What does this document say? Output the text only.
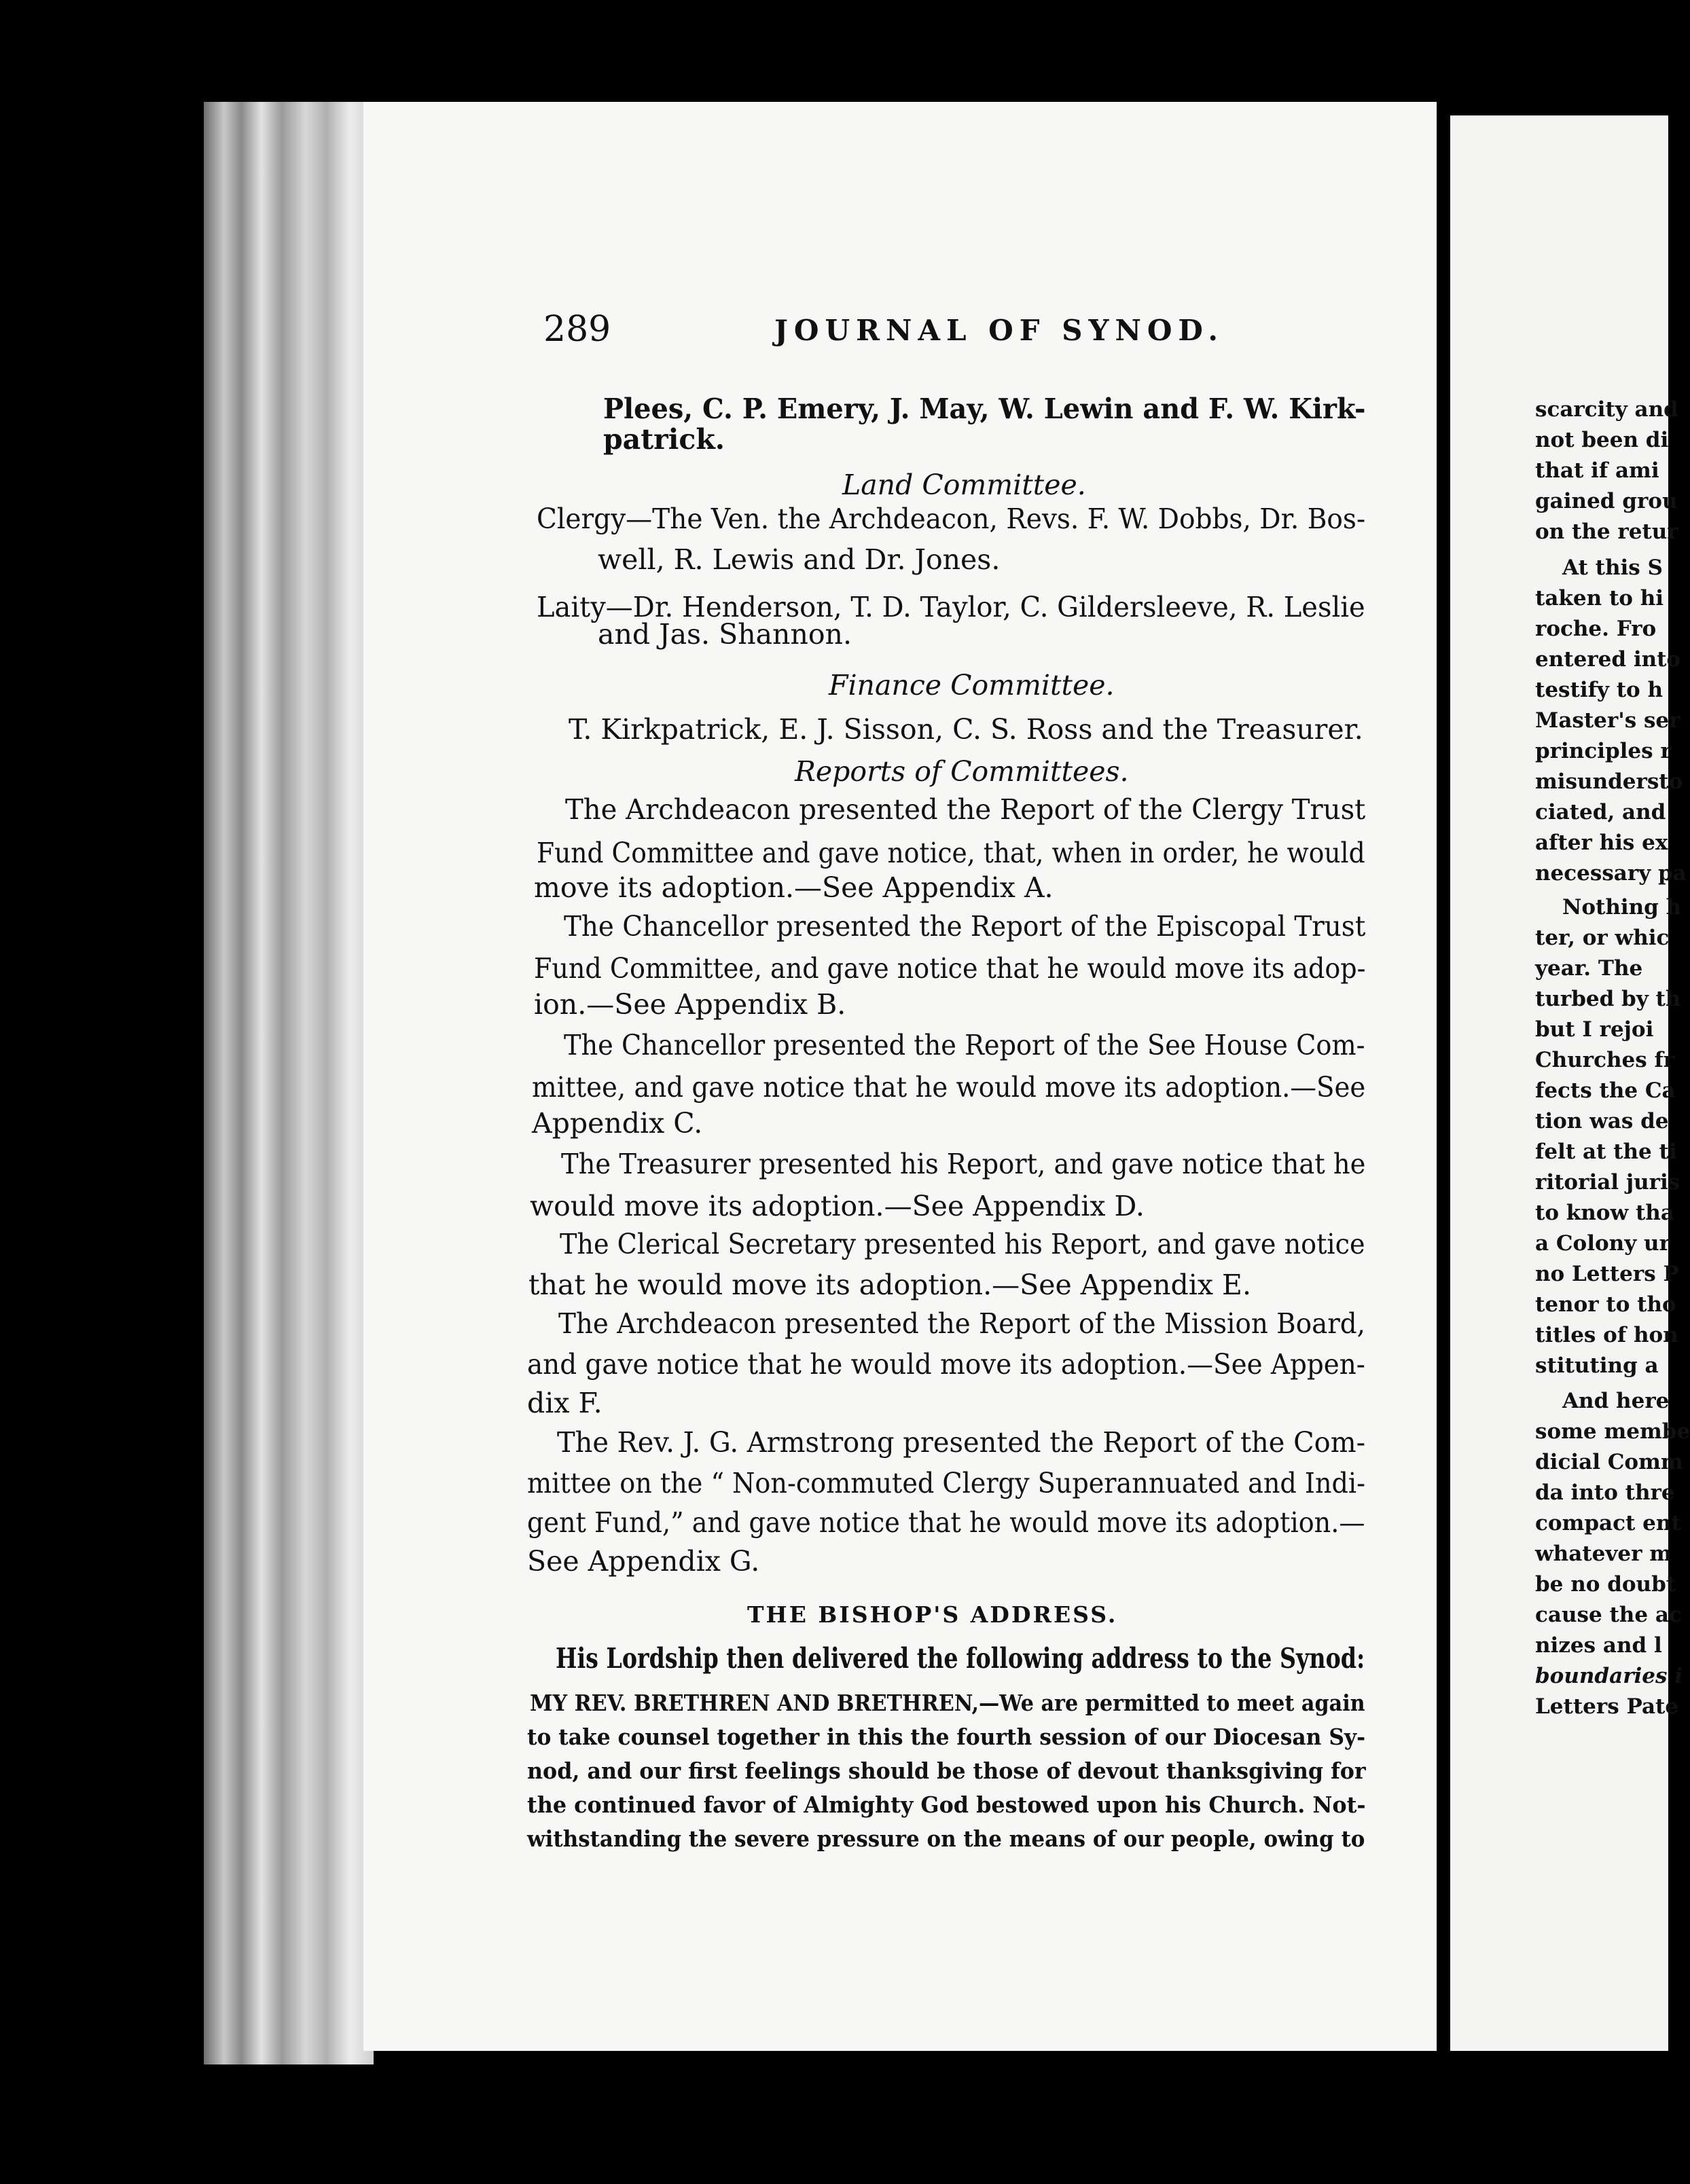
289	JOURNAL OF SYNOD.
Plees, C. P. Emery, J. May, W. Lewin and F. W. Kirk-
patrick.
Land Committee.
Clergy—The Ven. the Archdeacon, Revs. F. W. Dobbs, Dr. Bos-
well, R. Lewis and Dr. Jones.
Laity—Dr. Henderson, T. D. Taylor, C. Gildersleeve, R. Leslie
and Jas. Shannon.
Finance Committee.
T. Kirkpatrick, E. J. Sisson, C. S. Ross and the Treasurer.
Reports of Committees.
The Archdeacon presented the Report of the Clergy Trust
Fund Committee and gave notice, that, when in order, he would
move its adoption.—See Appendix A.
The Chancellor presented the Report of the Episcopal Trust
Fund Committee, and gave notice that he would move its adop-
ion.—See Appendix B.
The Chancellor presented the Report of the See House Com-
mittee, and gave notice that he would move its adoption.—See
Appendix C.
The Treasurer presented his Report, and gave notice that he
would move its adoption.—See Appendix D.
The Clerical Secretary presented his Report, and gave notice
that he would move its adoption.—See Appendix E.
The Archdeacon presented the Report of the Mission Board,
and gave notice that he would move its adoption.—See Appen-
dix F.
The Rev. J. G. Armstrong presented the Report of the Com-
mittee on the “ Non-commuted Clergy Superannuated and Indi-
gent Fund,” and gave notice that he would move its adoption.—
See Appendix G.
THE BISHOP'S ADDRESS.
His Lordship then delivered the following address to the Synod:
MY REV. BRETHREN AND BRETHREN,—We are permitted to meet again
to take counsel together in this the fourth session of our Diocesan Sy-
nod, and our first feelings should be those of devout thanksgiving for
the continued favor of Almighty God bestowed upon his Church. Not-
withstanding the severe pressure on the means of our people, owing to
scarcity and
not been di
that if ami
gained grou
on the retur
At this S
taken to hi
roche. Fro
entered into
testify to h
Master's ser
principles r
misundersto
ciated, and
after his ex
necessary pa
Nothing h
ter, or whic
year. The
turbed by th
but I rejoi
Churches fr
fects the Ca
tion was de
felt at the ti
ritorial juris
to know tha
a Colony ur
no Letters P
tenor to tho
titles of hon
stituting a
And here
some membe
dicial Comm
da into thre
compact ent
whatever m
be no doubt
cause the ac
nizes and l
boundaries i
Letters Pate
